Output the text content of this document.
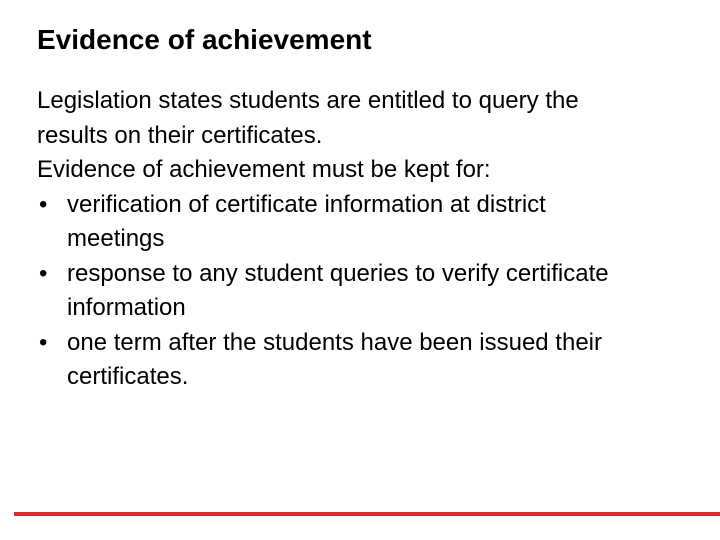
Evidence of achievement

Legislation states students are entitled to query the results on their certificates.

Evidence of achievement must be kept for:

• verification of certificate information at district meetings
• response to any student queries to verify certificate information
• one term after the students have been issued their certificates.
